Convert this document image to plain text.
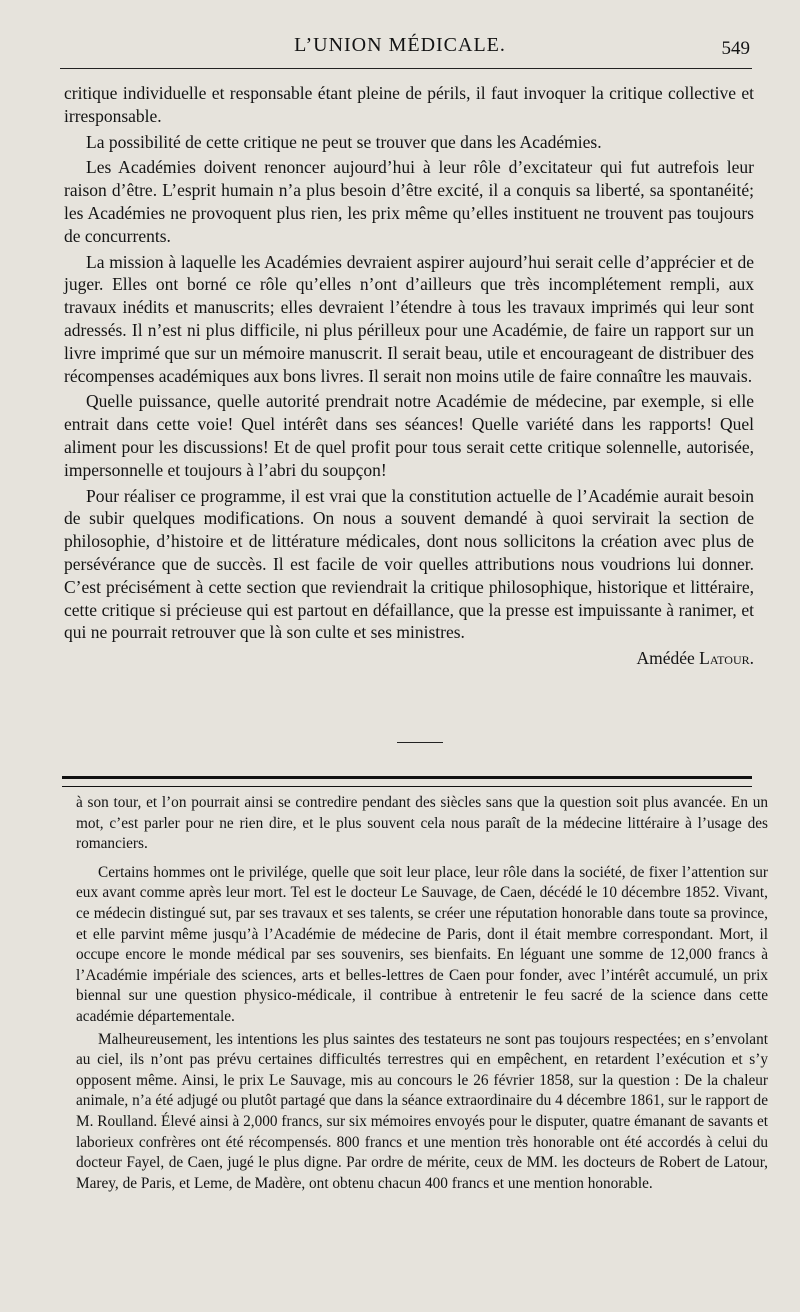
L’UNION MÉDICALE.	549

critique individuelle et responsable étant pleine de périls, il faut invoquer la critique collective et irresponsable.

La possibilité de cette critique ne peut se trouver que dans les Académies.

Les Académies doivent renoncer aujourd’hui à leur rôle d’excitateur qui fut autrefois leur raison d’être. L’esprit humain n’a plus besoin d’être excité, il a conquis sa liberté, sa spontanéité; les Académies ne provoquent plus rien, les prix même qu’elles instituent ne trouvent pas toujours de concurrents.

La mission à laquelle les Académies devraient aspirer aujourd’hui serait celle d’apprécier et de juger. Elles ont borné ce rôle qu’elles n’ont d’ailleurs que très incomplétement rempli, aux travaux inédits et manuscrits; elles devraient l’étendre à tous les travaux imprimés qui leur sont adressés. Il n’est ni plus difficile, ni plus périlleux pour une Académie, de faire un rapport sur un livre imprimé que sur un mémoire manuscrit. Il serait beau, utile et encourageant de distribuer des récompenses académiques aux bons livres. Il serait non moins utile de faire connaître les mauvais.

Quelle puissance, quelle autorité prendrait notre Académie de médecine, par exemple, si elle entrait dans cette voie! Quel intérêt dans ses séances! Quelle variété dans les rapports! Quel aliment pour les discussions! Et de quel profit pour tous serait cette critique solennelle, autorisée, impersonnelle et toujours à l’abri du soupçon!

Pour réaliser ce programme, il est vrai que la constitution actuelle de l’Académie aurait besoin de subir quelques modifications. On nous a souvent demandé à quoi servirait la section de philosophie, d’histoire et de littérature médicales, dont nous sollicitons la création avec plus de persévérance que de succès. Il est facile de voir quelles attributions nous voudrions lui donner. C’est précisément à cette section que reviendrait la critique philosophique, historique et littéraire, cette critique si précieuse qui est partout en défaillance, que la presse est impuissante à ranimer, et qui ne pourrait retrouver que là son culte et ses ministres.

Amédée Latour.

à son tour, et l’on pourrait ainsi se contredire pendant des siècles sans que la question soit plus avancée. En un mot, c’est parler pour ne rien dire, et le plus souvent cela nous paraît de la médecine littéraire à l’usage des romanciers.

Certains hommes ont le privilége, quelle que soit leur place, leur rôle dans la société, de fixer l’attention sur eux avant comme après leur mort. Tel est le docteur Le Sauvage, de Caen, décédé le 10 décembre 1852. Vivant, ce médecin distingué sut, par ses travaux et ses talents, se créer une réputation honorable dans toute sa province, et elle parvint même jusqu’à l’Académie de médecine de Paris, dont il était membre correspondant. Mort, il occupe encore le monde médical par ses souvenirs, ses bienfaits. En léguant une somme de 12,000 francs à l’Académie impériale des sciences, arts et belles-lettres de Caen pour fonder, avec l’intérêt accumulé, un prix biennal sur une question physico-médicale, il contribue à entretenir le feu sacré de la science dans cette académie départementale.

Malheureusement, les intentions les plus saintes des testateurs ne sont pas toujours respectées; en s’envolant au ciel, ils n’ont pas prévu certaines difficultés terrestres qui en empêchent, en retardent l’exécution et s’y opposent même. Ainsi, le prix Le Sauvage, mis au concours le 26 février 1858, sur la question : De la chaleur animale, n’a été adjugé ou plutôt partagé que dans la séance extraordinaire du 4 décembre 1861, sur le rapport de M. Roulland. Élevé ainsi à 2,000 francs, sur six mémoires envoyés pour le disputer, quatre émanant de savants et laborieux confrères ont été récompensés. 800 francs et une mention très honorable ont été accordés à celui du docteur Fayel, de Caen, jugé le plus digne. Par ordre de mérite, ceux de MM. les docteurs de Robert de Latour, Marey, de Paris, et Leme, de Madère, ont obtenu chacun 400 francs et une mention honorable.
